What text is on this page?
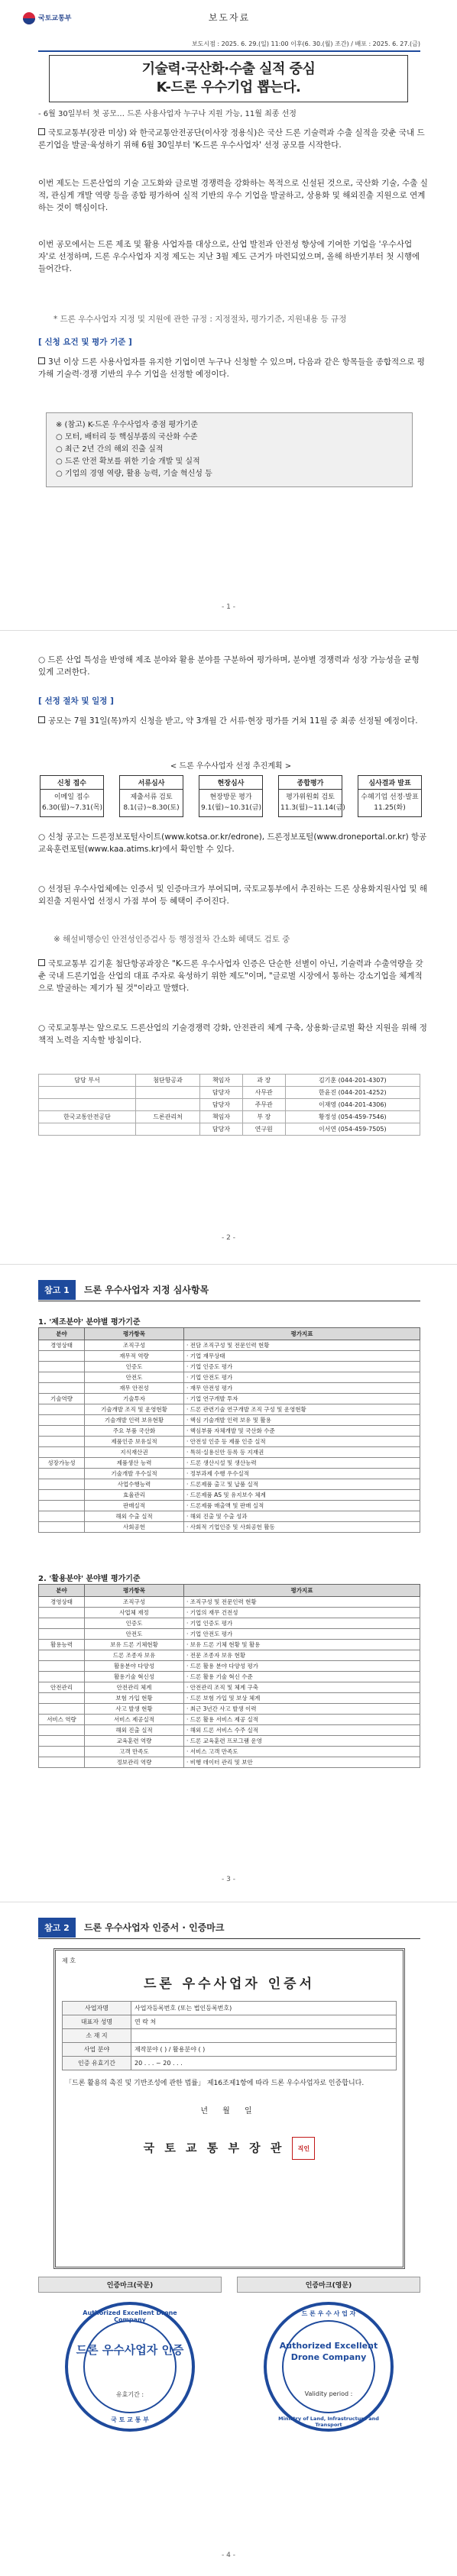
국토교통부	보도자료
보도시점 : 2025. 6. 29.(일) 11:00 이후(6. 30.(월) 조간) / 배포 : 2025. 6. 27.(금)
기술력·국산화·수출 실적 중심
K-드론 우수기업 뽑는다.
- 6월 30일부터 첫 공모… 드론 사용사업자 누구나 지원 가능, 11월 최종 선정
국토교통부(장관 미상) 와 한국교통안전공단(이사장 정용식)은 국산 드론 기술력과 수출 실적을 갖춘 국내 드론기업을 발굴·육성하기 위해 6월 30일부터 'K-드론 우수사업자' 선정 공모를 시작한다.
이번 제도는 드론산업의 기술 고도화와 글로벌 경쟁력을 강화하는 목적으로 신설된 것으로, 국산화 기술, 수출 실적, 관심게 개발 역량 등을 종합 평가하여 실적 기반의 우수 기업을 발굴하고, 상용화 및 해외진출 지원으로 연계하는 것이 핵심이다.
이번 공모에서는 드론 제조 및 활용 사업자를 대상으로, 산업 발전과 안전성 향상에 기여한 기업을 '우수사업자'로 선정하며, 드론 우수사업자 지정 제도는 지난 3월 제도 근거가 마련되었으며, 올해 하반기부터 첫 시행에 들어간다.
* 드론 우수사업자 지정 및 지원에 관한 규정 : 지정절차, 평가기준, 지원내용 등 규정
[ 신청 요건 및 평가 기준 ]
3년 이상 드론 사용사업자를 유지한 기업이면 누구나 신청할 수 있으며, 다음과 같은 항목들을 종합적으로 평가해 기술력·경쟁 기반의 우수 기업을 선정할 예정이다.
※ (참고) K-드론 우수사업자 중점 평가기준
○ 모터, 배터리 등 핵심부품의 국산화 수준
○ 최근 2년 간의 해외 진출 실적
○ 드론 안전 확보를 위한 기술 개발 및 실적
○ 기업의 경영 역량, 활용 능력, 기술 혁신성 등
- 1 -
○ 드론 산업 특성을 반영해 제조 분야와 활용 분야를 구분하여 평가하며, 분야별 경쟁력과 성장 가능성을 균형 있게 고려한다.
[ 선정 절차 및 일정 ]
공모는 7월 31일(목)까지 신청을 받고, 약 3개월 간 서류·현장 평가를 거쳐 11월 중 최종 선정될 예정이다.
< 드론 우수사업자 선정 추진계획 >
신청 접수
이메일 접수 6.30(월)~7.31(목)
서류심사
제출서류 검토 8.1(금)~8.30(토)
현장심사
현장방문 평가 9.1(월)~10.31(금)
종합평가
평가위원회 검토 11.3(월)~11.14(금)
심사결과 발표
수혜기업 선정·발표 11.25(화)
○ 신청 공고는 드론정보포털사이트(www.kotsa.or.kr/edrone), 드론정보포털(www.droneportal.or.kr) 항공교육훈련포털(www.kaa.atims.kr)에서 확인할 수 있다.
○ 선정된 우수사업체에는 인증서 및 인증마크가 부여되며, 국토교통부에서 추진하는 드론 상용화지원사업 및 해외진출 지원사업 선정시 가점 부여 등 혜택이 주어진다.
※ 해설비행승인 안전성인증검사 등 행정절차 간소화 혜택도 검토 중
국토교통부 김기훈 첨단항공과장은 "K-드론 우수사업자 인증은 단순한 선별이 아닌, 기술력과 수출역량을 갖춘 국내 드론기업을 산업의 대표 주자로 육성하기 위한 제도"이며, "글로벌 시장에서 통하는 강소기업을 체계적으로 발굴하는 제기가 될 것"이라고 말했다.
○ 국토교통부는 앞으로도 드론산업의 기술경쟁력 강화, 안전관리 체계 구축, 상용화·글로벌 확산 지원을 위해 정책적 노력을 지속할 방침이다.
담당 부서	첨단항공과	책임자	과 장	김기훈 (044-201-4307)
		담당자	사무관	한윤진 (044-201-4252)
		담당자	주무관	이재영 (044-201-4306)
한국교통안전공단	드론관리처	책임자	부 장	황정성 (054-459-7546)
		담당자	연구원	이서연 (054-459-7505)
- 2 -
참고 1 드론 우수사업자 지정 심사항목
1. '제조분야' 분야별 평가기준
분야	평가항목	평가지표
경영상태	조직구성	· 전담 조직구성 및 전문인력 현황
	재무적 역량	· 기업 재무상태
	인증도	· 기업 인증도 평가
	안전도	· 기업 안전도 평가
	재무 안전성	· 재무 안전성 평가
기술역량	기술투자	· 기업 연구개발 투자
	기술개발 조직 및 운영현황	· 드론 관련기술 연구개발 조직 구성 및 운영현황
	기술개발 인력 보유현황	· 핵심 기술개발 인력 보유 및 활용
	주요 부품 국산화	· 핵심부품 자체개발 및 국산화 수준
	제품인증 보유실적	· 안전성 인증 등 제품 인증 실적
	지식재산권	· 특허·실용신안 등록 등 지재권
성장가능성	제품생산 능력	· 드론 생산시설 및 생산능력
	기술개발 우수실적	· 정부과제 수행 우수실적
	사업수행능력	· 드론제품 출고 및 납품 실적
	효율관리	· 드론제품 AS 및 유지보수 체계
	판매실적	· 드론제품 매출액 및 판매 실적
	해외 수출 실적	· 해외 진출 및 수출 성과
	사회공헌	· 사회적 기업인증 및 사회공헌 활동
2. '활용분야' 분야별 평가기준
분야	평가항목	평가지표
경영상태	조직구성	· 조직구성 및 전문인력 현황
	사업체 재정	· 기업의 재무 건전성
	인증도	· 기업 인증도 평가
	안전도	· 기업 안전도 평가
활용능력	보유 드론 기체현황	· 보유 드론 기체 현황 및 활용
	드론 조종자 보유	· 전문 조종자 보유 현황
	활용분야 다양성	· 드론 활용 분야 다양성 평가
	활용기술 혁신성	· 드론 활용 기술 혁신 수준
안전관리	안전관리 체계	· 안전관리 조직 및 체계 구축
	보험 가입 현황	· 드론 보험 가입 및 보상 체계
	사고 발생 현황	· 최근 3년간 사고 발생 이력
서비스 역량	서비스 제공실적	· 드론 활용 서비스 제공 실적
	해외 진출 실적	· 해외 드론 서비스 수주 실적
	교육훈련 역량	· 드론 교육훈련 프로그램 운영
	고객 만족도	· 서비스 고객 만족도
	정보관리 역량	· 비행 데이터 관리 및 보안
- 3 -
참고 2 드론 우수사업자 인증서 · 인증마크
제 호
드론 우수사업자 인증서
사업자명	사업자등록번호 (또는 법인등록번호)
대표자 성명	연 락 처
소 재 지	
사업 분야	제작분야 ( ) / 활용분야 ( )
인증 유효기간	20 . . . ~ 20 . . .
「드론 활용의 촉진 및 기반조성에 관한 법률」 제16조제1항에 따라 드론 우수사업자로 인증합니다.
년 월 일
국 토 교 통 부 장 관 직인
인증마크(국문)
Authorized Excellent Drone Company
드론 우수사업자 인증
유효기간 :
국 토 교 통 부
인증마크(영문)
드 론 우 수 사 업 자
Authorized Excellent Drone Company
Validity period :
Ministry of Land, Infrastructure and Transport
- 4 -
